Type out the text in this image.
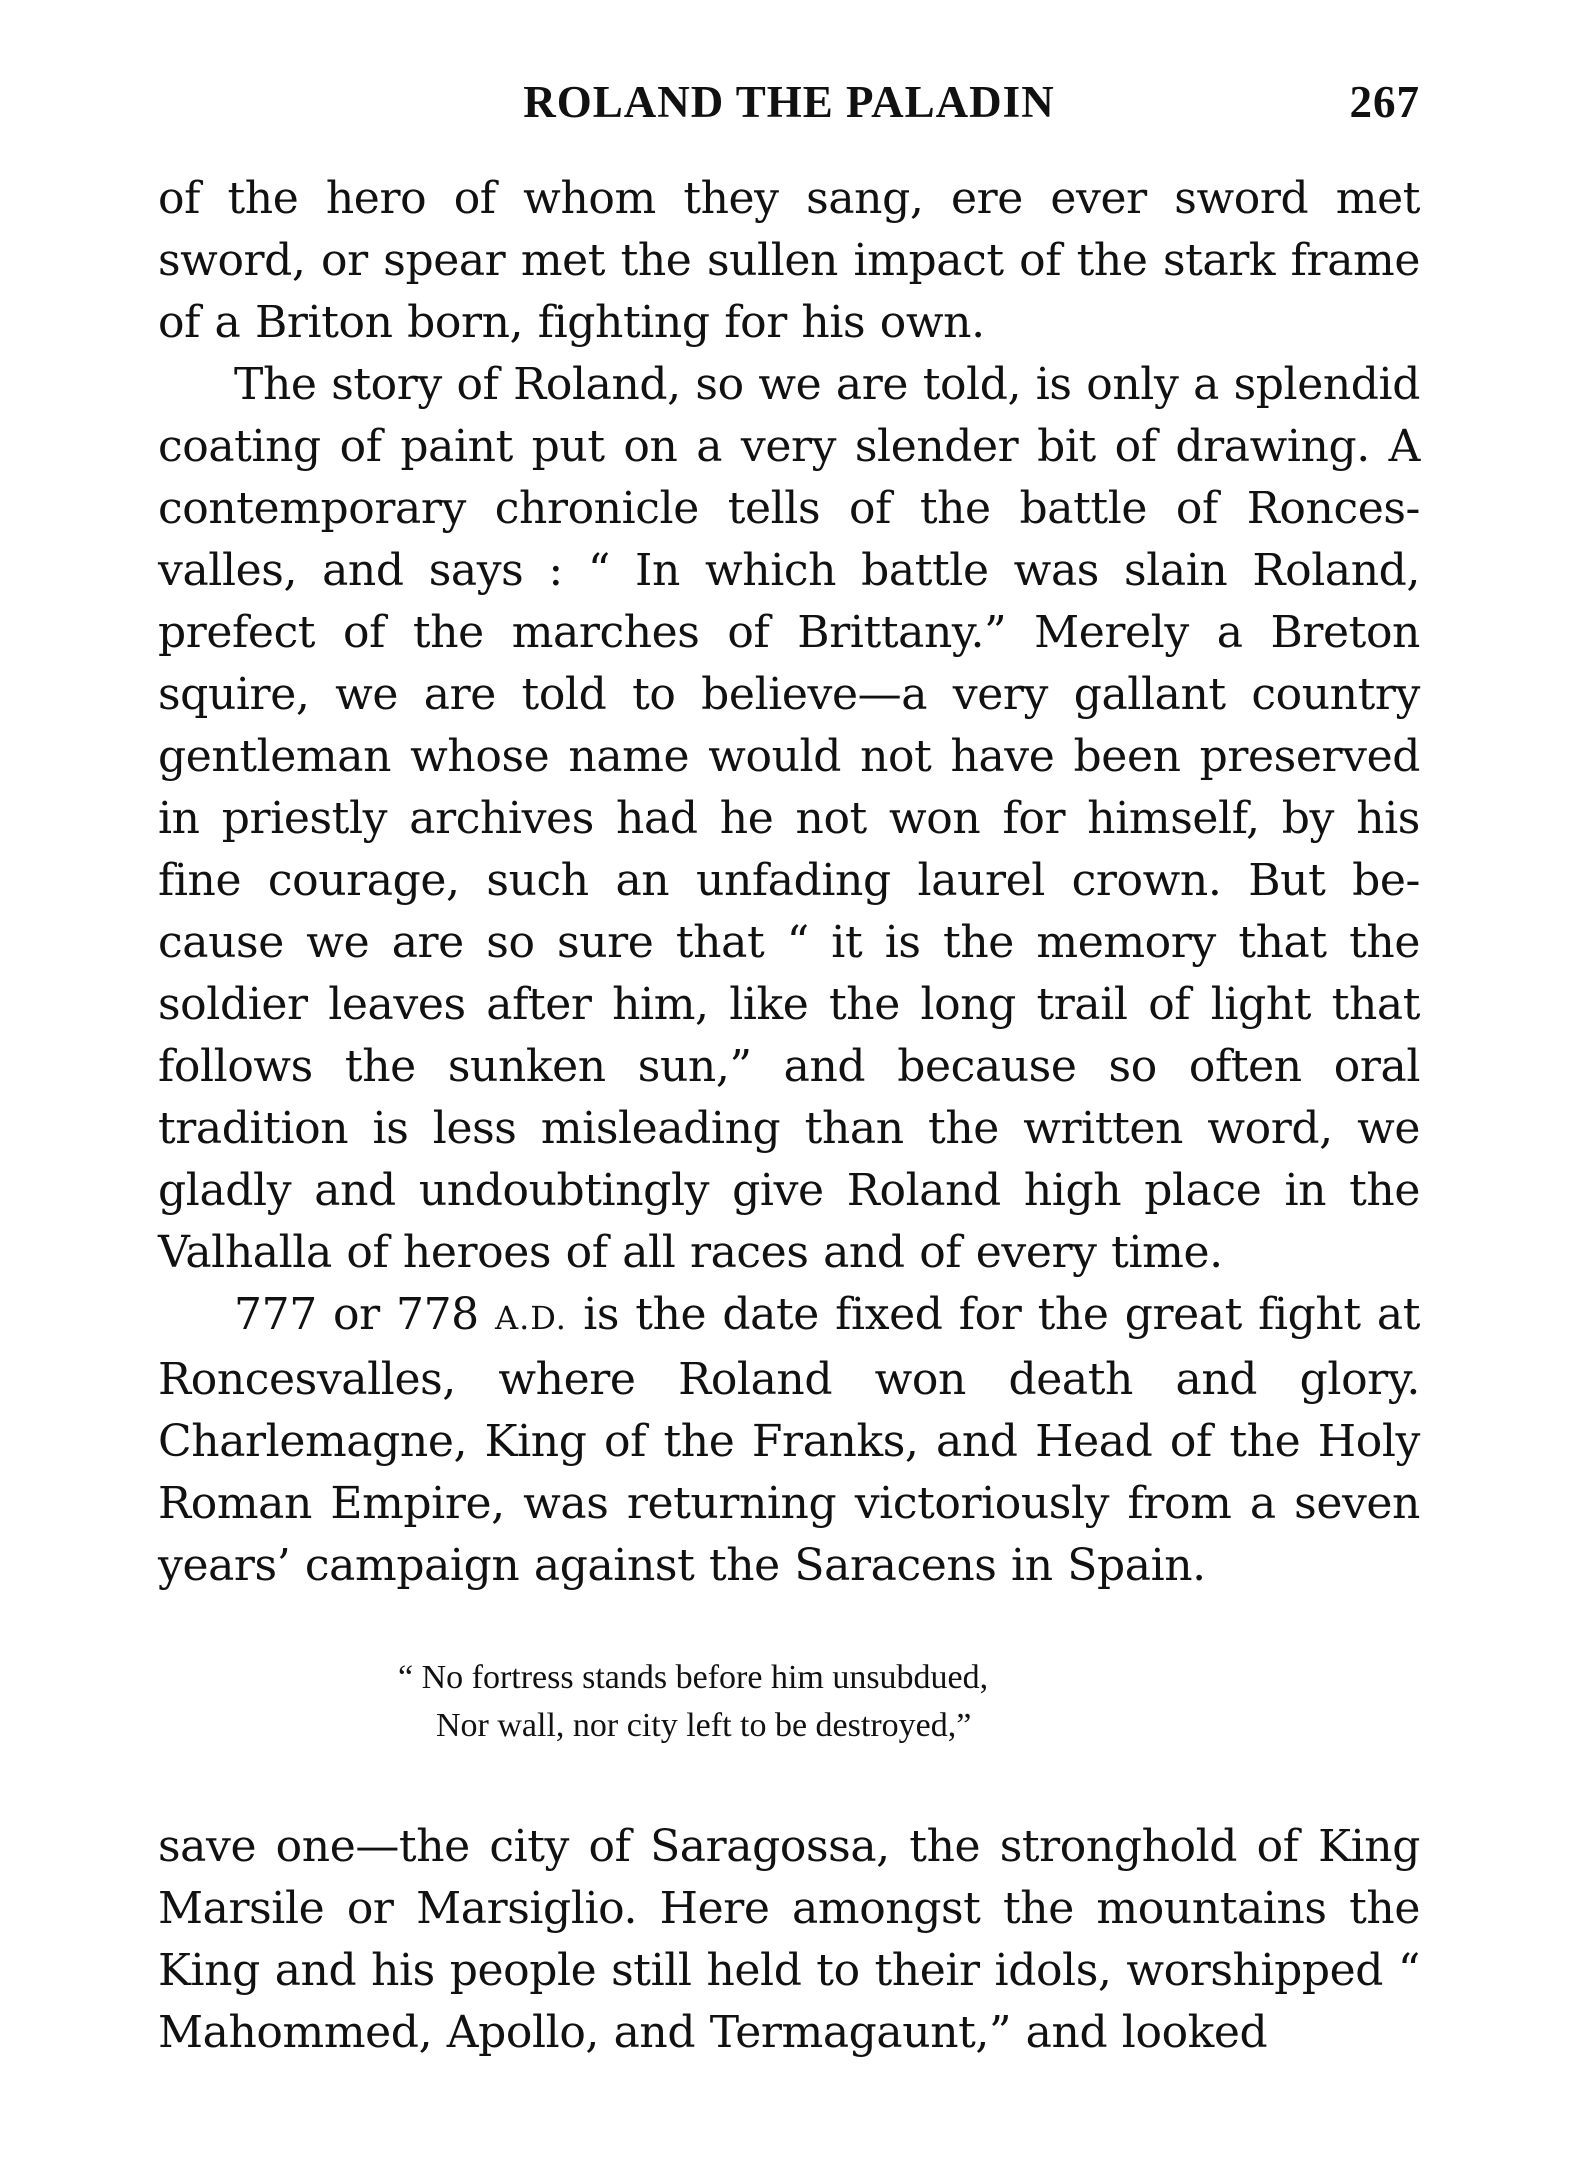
ROLAND THE PALADIN	267

of the hero of whom they sang, ere ever sword met sword, or spear met the sullen impact of the stark frame of a Briton born, fighting for his own.

The story of Roland, so we are told, is only a splendid coating of paint put on a very slender bit of drawing. A contemporary chronicle tells of the battle of Ronces-valles, and says : “ In which battle was slain Roland, prefect of the marches of Brittany.” Merely a Breton squire, we are told to believe—a very gallant country gentleman whose name would not have been preserved in priestly archives had he not won for himself, by his fine courage, such an unfading laurel crown. But be-cause we are so sure that “ it is the memory that the soldier leaves after him, like the long trail of light that follows the sunken sun,” and because so often oral tradition is less misleading than the written word, we gladly and undoubtingly give Roland high place in the Valhalla of heroes of all races and of every time.

777 or 778 A.D. is the date fixed for the great fight at Roncesvalles, where Roland won death and glory. Charlemagne, King of the Franks, and Head of the Holy Roman Empire, was returning victoriously from a seven years’ campaign against the Saracens in Spain.

“ No fortress stands before him unsubdued,
Nor wall, nor city left to be destroyed,”

save one—the city of Saragossa, the stronghold of King Marsile or Marsiglio. Here amongst the mountains the King and his people still held to their idols, worshipped “ Mahommed, Apollo, and Termagaunt,” and looked
